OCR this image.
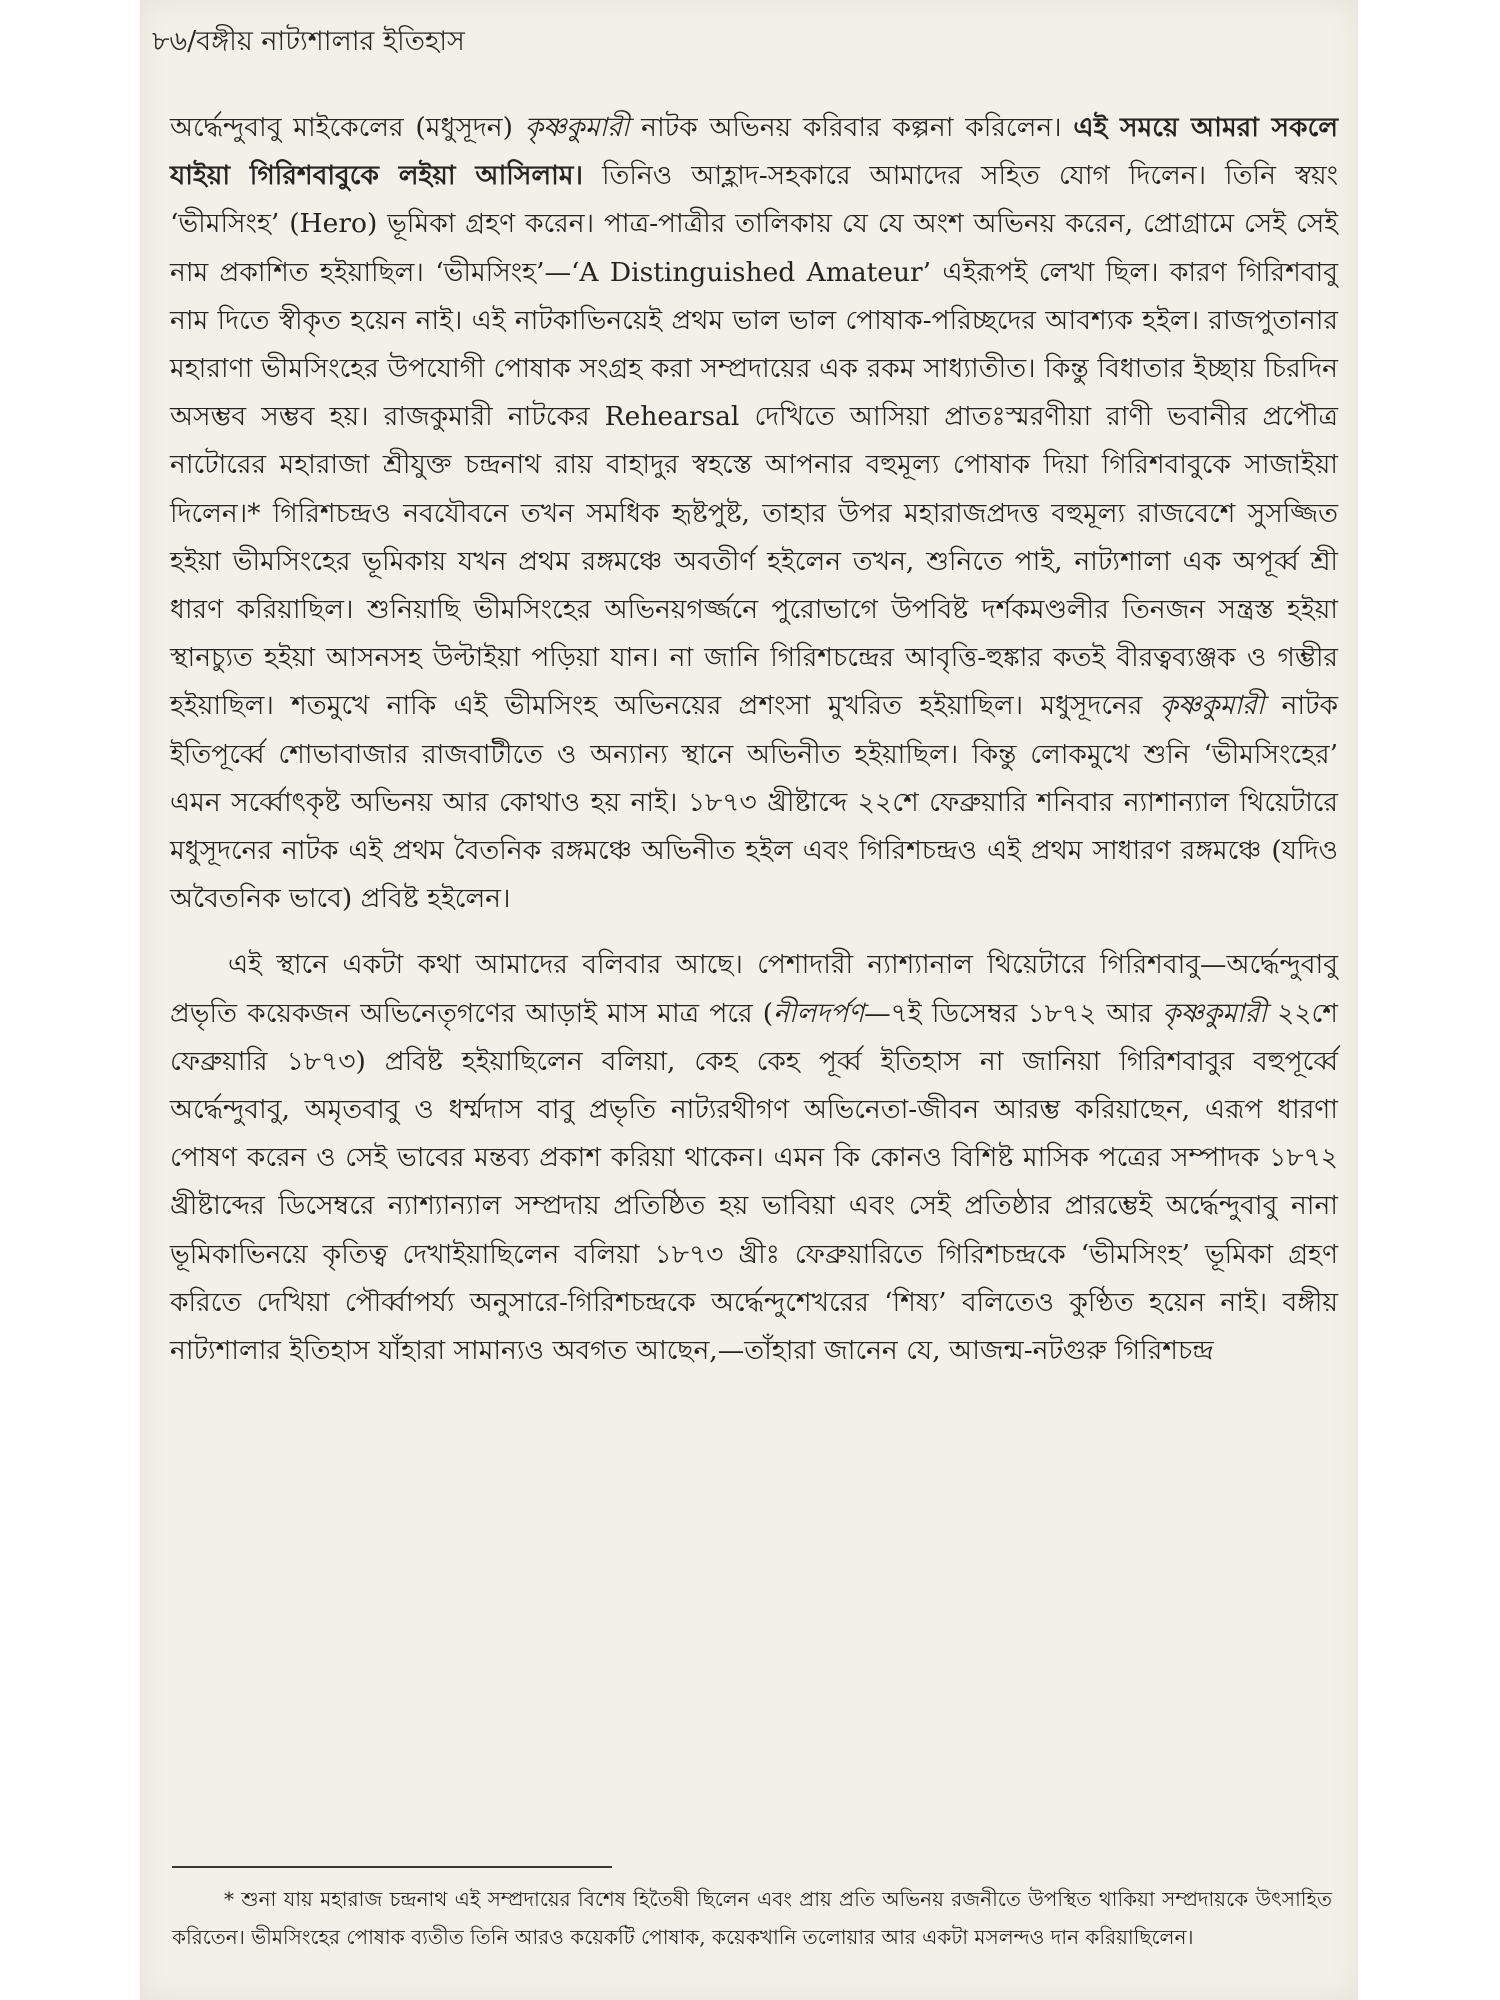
৮৬/বঙ্গীয় নাট্যশালার ইতিহাস

অর্দ্ধেন্দুবাবু মাইকেলের (মধুসূদন) কৃষ্ণকুমারী নাটক অভিনয় করিবার কল্পনা করিলেন। এই সময়ে আমরা সকলে যাইয়া গিরিশবাবুকে লইয়া আসিলাম। তিনিও আহ্লাদ-সহকারে আমাদের সহিত যোগ দিলেন। তিনি স্বয়ং ‘ভীমসিংহ’ (Hero) ভূমিকা গ্রহণ করেন। পাত্র-পাত্রীর তালিকায় যে যে অংশ অভিনয় করেন, প্রোগ্রামে সেই সেই নাম প্রকাশিত হইয়াছিল। ‘ভীমসিংহ’—‘A Distinguished Amateur’ এইরূপই লেখা ছিল। কারণ গিরিশবাবু নাম দিতে স্বীকৃত হয়েন নাই। এই নাটকাভিনয়েই প্রথম ভাল ভাল পোষাক-পরিচ্ছদের আবশ্যক হইল। রাজপুতানার মহারাণা ভীমসিংহের উপযোগী পোষাক সংগ্রহ করা সম্প্রদায়ের এক রকম সাধ্যাতীত। কিন্তু বিধাতার ইচ্ছায় চিরদিন অসম্ভব সম্ভব হয়। রাজকুমারী নাটকের Rehearsal দেখিতে আসিয়া প্রাতঃস্মরণীয়া রাণী ভবানীর প্রপৌত্র নাটোরের মহারাজা শ্রীযুক্ত চন্দ্রনাথ রায় বাহাদুর স্বহস্তে আপনার বহুমূল্য পোষাক দিয়া গিরিশবাবুকে সাজাইয়া দিলেন।* গিরিশচন্দ্রও নবযৌবনে তখন সমধিক হৃষ্টপুষ্ট, তাহার উপর মহারাজপ্রদত্ত বহুমূল্য রাজবেশে সুসজ্জিত হইয়া ভীমসিংহের ভূমিকায় যখন প্রথম রঙ্গমঞ্চে অবতীর্ণ হইলেন তখন, শুনিতে পাই, নাট্যশালা এক অপূর্ব্ব শ্রী ধারণ করিয়াছিল। শুনিয়াছি ভীমসিংহের অভিনয়গর্জ্জনে পুরোভাগে উপবিষ্ট দর্শকমণ্ডলীর তিনজন সন্ত্রস্ত হইয়া স্থানচ্যুত হইয়া আসনসহ উল্টাইয়া পড়িয়া যান। না জানি গিরিশচন্দ্রের আবৃত্তি-হুঙ্কার কতই বীরত্বব্যঞ্জক ও গম্ভীর হইয়াছিল। শতমুখে নাকি এই ভীমসিংহ অভিনয়ের প্রশংসা মুখরিত হইয়াছিল। মধুসূদনের কৃষ্ণকুমারী নাটক ইতিপূর্ব্বে শোভাবাজার রাজবাটীতে ও অন্যান্য স্থানে অভিনীত হইয়াছিল। কিন্তু লোকমুখে শুনি ‘ভীমসিংহের’ এমন সর্ব্বোৎকৃষ্ট অভিনয় আর কোথাও হয় নাই। ১৮৭৩ খ্রীষ্টাব্দে ২২শে ফেব্রুয়ারি শনিবার ন্যাশান্যাল থিয়েটারে মধুসূদনের নাটক এই প্রথম বৈতনিক রঙ্গমঞ্চে অভিনীত হইল এবং গিরিশচন্দ্রও এই প্রথম সাধারণ রঙ্গমঞ্চে (যদিও অবৈতনিক ভাবে) প্রবিষ্ট হইলেন।

এই স্থানে একটা কথা আমাদের বলিবার আছে। পেশাদারী ন্যাশ্যানাল থিয়েটারে গিরিশবাবু—অর্দ্ধেন্দুবাবু প্রভৃতি কয়েকজন অভিনেতৃগণের আড়াই মাস মাত্র পরে (নীলদর্পণ—৭ই ডিসেম্বর ১৮৭২ আর কৃষ্ণকুমারী ২২শে ফেব্রুয়ারি ১৮৭৩) প্রবিষ্ট হইয়াছিলেন বলিয়া, কেহ কেহ পূর্ব্ব ইতিহাস না জানিয়া গিরিশবাবুর বহুপূর্ব্বে অর্দ্ধেন্দুবাবু, অমৃতবাবু ও ধর্ম্মদাস বাবু প্রভৃতি নাট্যরথীগণ অভিনেতা-জীবন আরম্ভ করিয়াছেন, এরূপ ধারণা পোষণ করেন ও সেই ভাবের মন্তব্য প্রকাশ করিয়া থাকেন। এমন কি কোনও বিশিষ্ট মাসিক পত্রের সম্পাদক ১৮৭২ খ্রীষ্টাব্দের ডিসেম্বরে ন্যাশ্যান্যাল সম্প্রদায় প্রতিষ্ঠিত হয় ভাবিয়া এবং সেই প্রতিষ্ঠার প্রারম্ভেই অর্দ্ধেন্দুবাবু নানা ভূমিকাভিনয়ে কৃতিত্ব দেখাইয়াছিলেন বলিয়া ১৮৭৩ খ্রীঃ ফেব্রুয়ারিতে গিরিশচন্দ্রকে ‘ভীমসিংহ’ ভূমিকা গ্রহণ করিতে দেখিয়া পৌর্ব্বাপর্য্য অনুসারে-গিরিশচন্দ্রকে অর্দ্ধেন্দুশেখরের ‘শিষ্য’ বলিতেও কুণ্ঠিত হয়েন নাই। বঙ্গীয় নাট্যশালার ইতিহাস যাঁহারা সামান্যও অবগত আছেন,—তাঁহারা জানেন যে, আজন্ম-নটগুরু গিরিশচন্দ্র

* শুনা যায় মহারাজ চন্দ্রনাথ এই সম্প্রদায়ের বিশেষ হিতৈষী ছিলেন এবং প্রায় প্রতি অভিনয় রজনীতে উপস্থিত থাকিয়া সম্প্রদায়কে উৎসাহিত করিতেন। ভীমসিংহের পোষাক ব্যতীত তিনি আরও কয়েকটি পোষাক, কয়েকখানি তলোয়ার আর একটা মসলন্দও দান করিয়াছিলেন।
